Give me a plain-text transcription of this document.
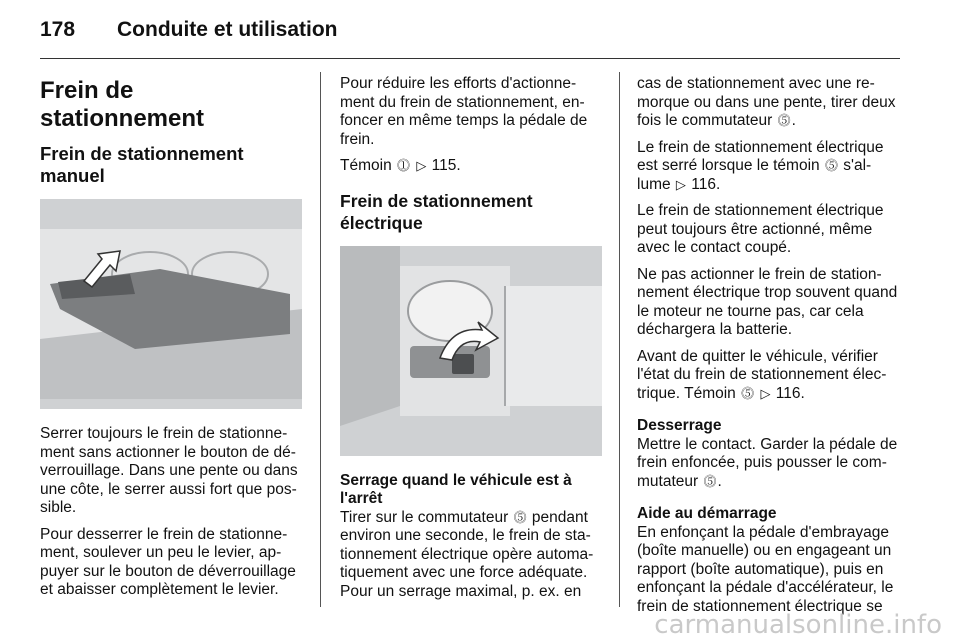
178 Conduite et utilisation
Frein de stationnement
Frein de stationnement manuel

Serrer toujours le frein de stationne-ment sans actionner le bouton de dé-verrouillage. Dans une pente ou dans une côte, le serrer aussi fort que pos-sible.

Pour desserrer le frein de stationne-ment, soulever un peu le levier, ap-puyer sur le bouton de déverrouillage et abaisser complètement le levier.

Pour réduire les efforts d'actionne-ment du frein de stationnement, en-foncer en même temps la pédale de frein.

Témoin ⓵ ▷ 115.

Frein de stationnement électrique
Serrage quand le véhicule est à l'arrêt

Tirer sur le commutateur ⓹ pendant environ une seconde, le frein de sta-tionnement électrique opère automa-tiquement avec une force adéquate. Pour un serrage maximal, p. ex. en

cas de stationnement avec une re-morque ou dans une pente, tirer deux fois le commutateur ⓹.

Le frein de stationnement électrique est serré lorsque le témoin ⓹ s'al-lume ▷ 116.

Le frein de stationnement électrique peut toujours être actionné, même avec le contact coupé.

Ne pas actionner le frein de station-nement électrique trop souvent quand le moteur ne tourne pas, car cela déchargera la batterie.

Avant de quitter le véhicule, vérifier l'état du frein de stationnement élec-trique. Témoin ⓹ ▷ 116.

Desserrage

Mettre le contact. Garder la pédale de frein enfoncée, puis pousser le com-mutateur ⓹.

Aide au démarrage

En enfonçant la pédale d'embrayage (boîte manuelle) ou en engageant un rapport (boîte automatique), puis en enfonçant la pédale d'accélérateur, le frein de stationnement électrique se

carmanualsonline.info
